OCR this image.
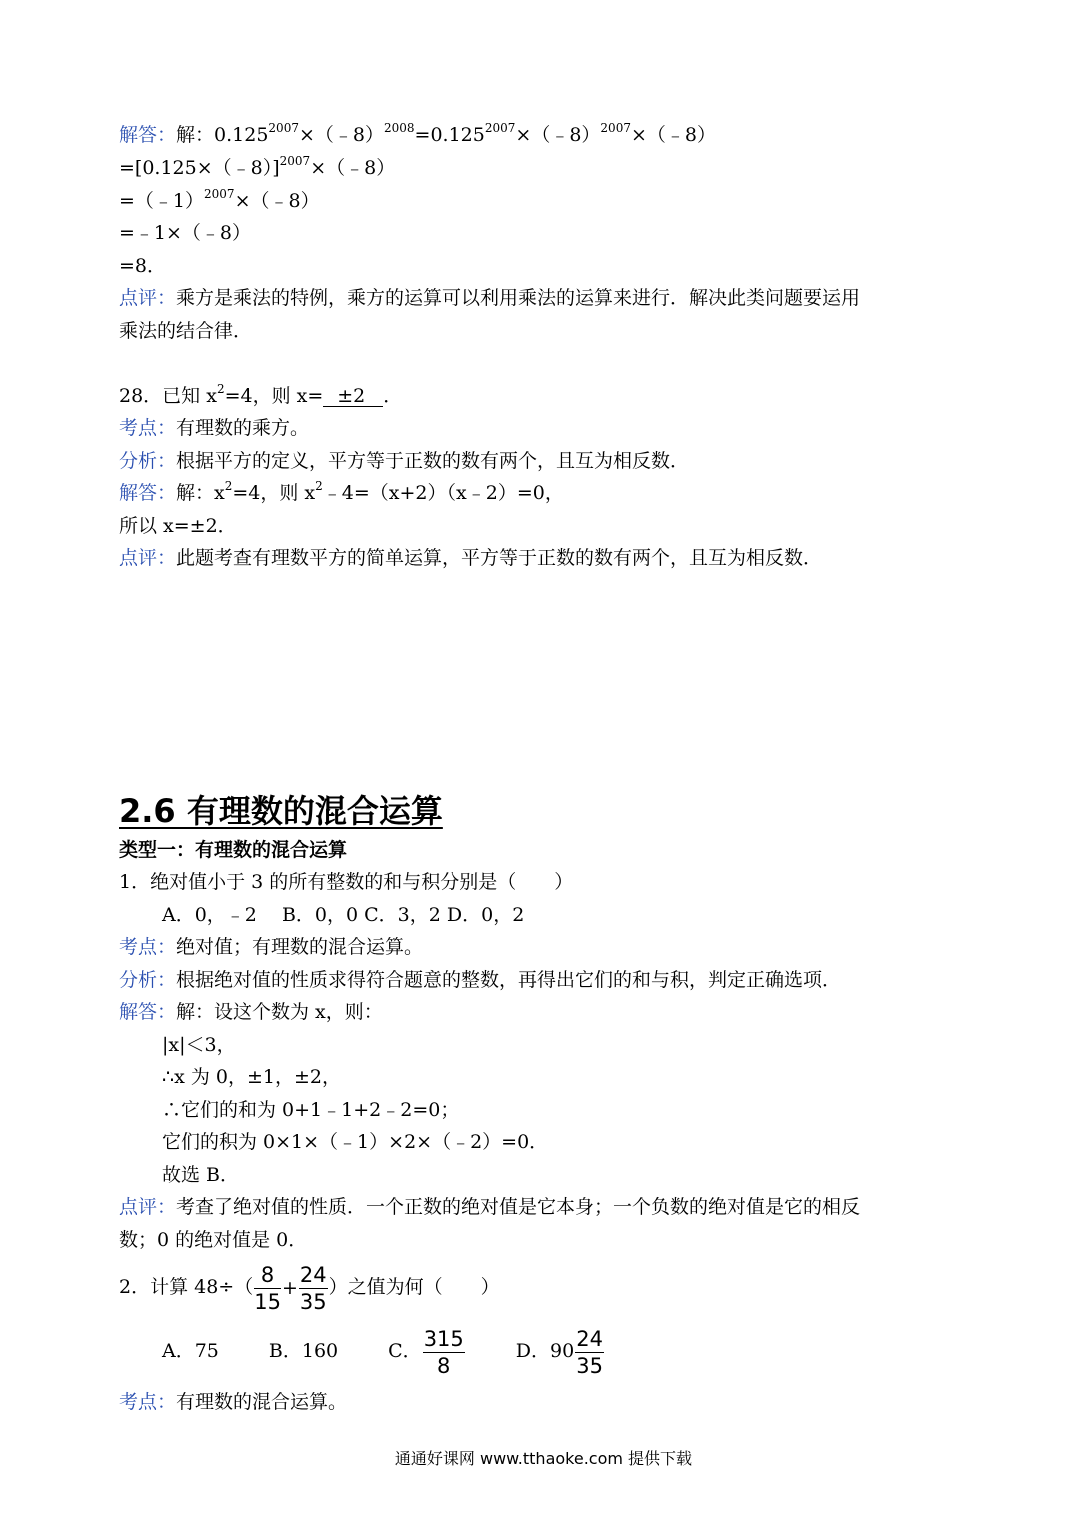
解答：解：$0.125^{2007}\times(﹣8)^{2008}=0.125^{2007}\times(﹣8)^{2007}\times(﹣8)$
=[0.125×（﹣8）]$^{2007}$×（﹣8）
=（﹣1）$^{2007}$×（﹣8）
=﹣1×（﹣8）
=8．
点评：乘方是乘法的特例，乘方的运算可以利用乘法的运算来进行．解决此类问题要运用
乘法的结合律．
28．已知 $x^2=4$，则 x= ±2 ．
考点：有理数的乘方。
分析：根据平方的定义，平方等于正数的数有两个，且互为相反数．
解答：解：$x^2=4$，则 $x^2﹣4=(x+2)(x﹣2)=0$，
所以 x=±2．
点评：此题考查有理数平方的简单运算，平方等于正数的数有两个，且互为相反数．
2.6 有理数的混合运算
类型一：有理数的混合运算
1．绝对值小于 3 的所有整数的和与积分别是（　　）
A．0，﹣2　 B．0，0 C．3，2 D．0，2
考点：绝对值；有理数的混合运算。
分析：根据绝对值的性质求得符合题意的整数，再得出它们的和与积，判定正确选项．
解答：解：设这个数为 x，则：
|x|＜3，
∴x 为 0，±1，±2，
∴它们的和为 0+1﹣1+2﹣2=0；
它们的积为 0×1×（﹣1）×2×（﹣2）=0．
故选 B．
点评：考查了绝对值的性质．一个正数的绝对值是它本身；一个负数的绝对值是它的相反
数；0 的绝对值是 0．
2．计算 $48\div( \frac{8}{15} + \frac{24}{35}$ ）之值为何（　　）
A．75	B．160	C． $\frac{315}{8}$	D．$90 \frac{24}{35}$
考点：有理数的混合运算。
通通好课网 www.tthaoke.com 提供下载
